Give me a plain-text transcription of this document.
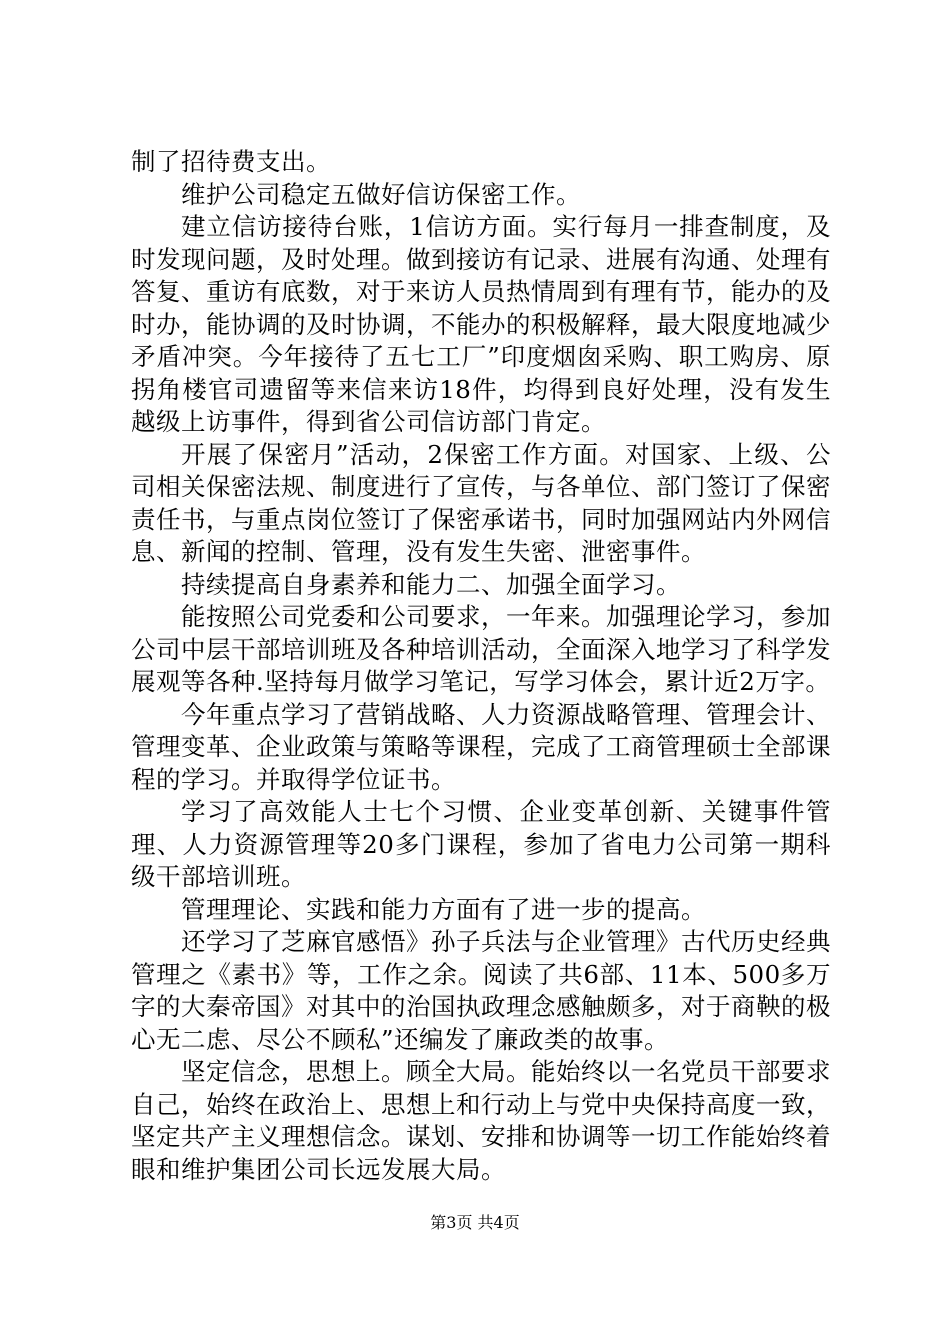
制了招待费支出。

维护公司稳定五做好信访保密工作。

建立信访接待台账，1信访方面。实行每月一排查制度，及时发现问题，及时处理。做到接访有记录、进展有沟通、处理有答复、重访有底数，对于来访人员热情周到有理有节，能办的及时办，能协调的及时协调，不能办的积极解释，最大限度地减少矛盾冲突。今年接待了五七工厂”印度烟囱采购、职工购房、原拐角楼官司遗留等来信来访18件，均得到良好处理，没有发生越级上访事件，得到省公司信访部门肯定。

开展了保密月”活动，2保密工作方面。对国家、上级、公司相关保密法规、制度进行了宣传，与各单位、部门签订了保密责任书，与重点岗位签订了保密承诺书，同时加强网站内外网信息、新闻的控制、管理，没有发生失密、泄密事件。

持续提高自身素养和能力二、加强全面学习。

能按照公司党委和公司要求，一年来。加强理论学习，参加公司中层干部培训班及各种培训活动，全面深入地学习了科学发展观等各种.坚持每月做学习笔记，写学习体会，累计近2万字。

今年重点学习了营销战略、人力资源战略管理、管理会计、管理变革、企业政策与策略等课程，完成了工商管理硕士全部课程的学习。并取得学位证书。

学习了高效能人士七个习惯、企业变革创新、关键事件管理、人力资源管理等20多门课程，参加了省电力公司第一期科级干部培训班。

管理理论、实践和能力方面有了进一步的提高。

还学习了芝麻官感悟》孙子兵法与企业管理》古代历史经典管理之《素书》等，工作之余。阅读了共6部、11本、500多万字的大秦帝国》对其中的治国执政理念感触颇多，对于商鞅的极心无二虑、尽公不顾私”还编发了廉政类的故事。

坚定信念，思想上。顾全大局。能始终以一名党员干部要求自己，始终在政治上、思想上和行动上与党中央保持高度一致，坚定共产主义理想信念。谋划、安排和协调等一切工作能始终着眼和维护集团公司长远发展大局。

第3页 共4页
